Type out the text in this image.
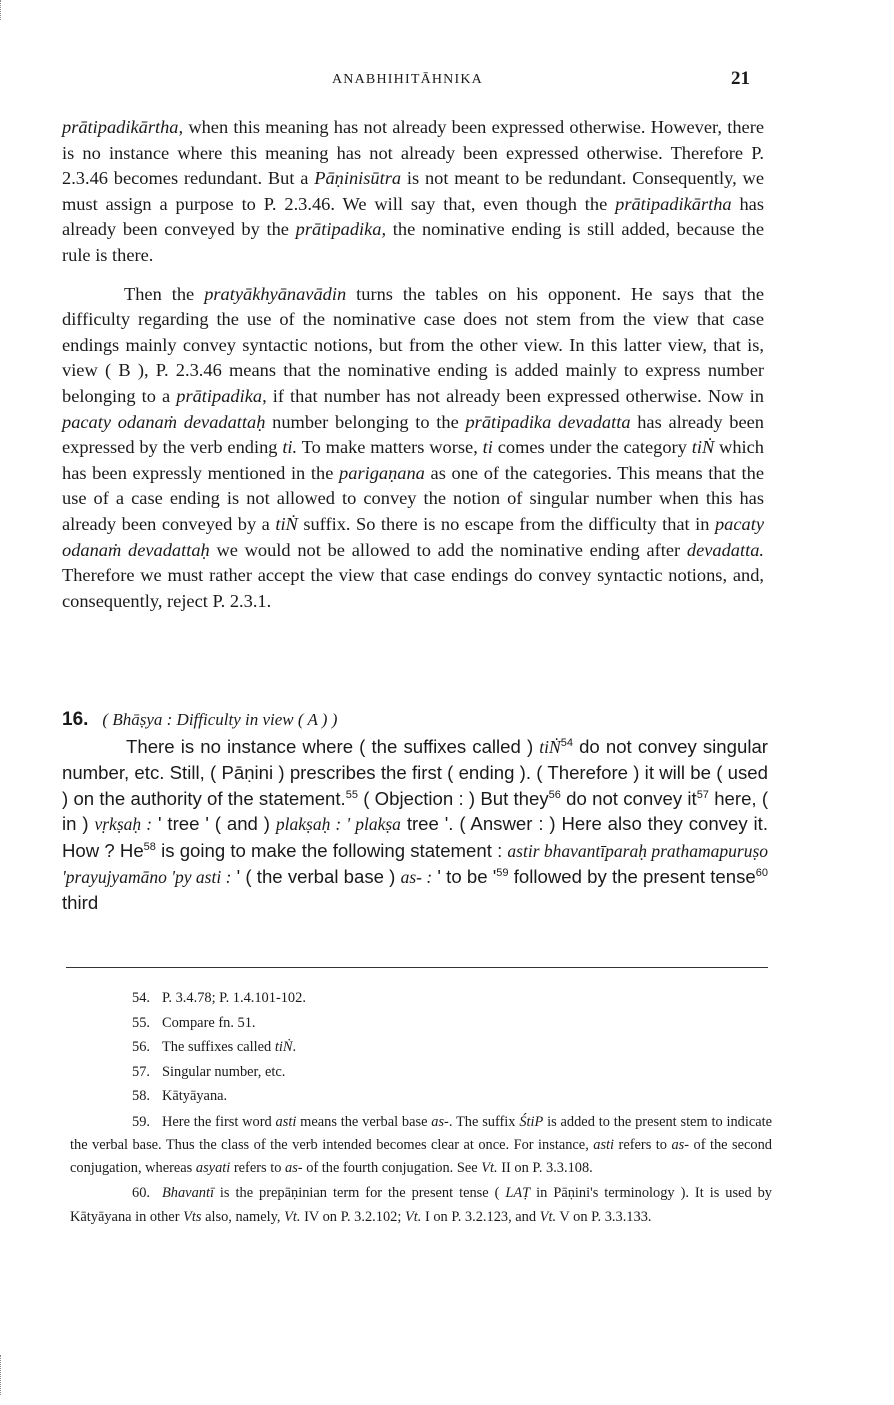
ANABHIHITĀHNIKA	21

prātipadikārtha, when this meaning has not already been expressed otherwise. However, there is no instance where this meaning has not already been expressed otherwise. Therefore P. 2.3.46 becomes redundant. But a Pāṇinisūtra is not meant to be redundant. Consequently, we must assign a purpose to P. 2.3.46. We will say that, even though the prātipadikārtha has already been conveyed by the prātipadika, the nominative ending is still added, because the rule is there.

Then the pratyākhyānavādin turns the tables on his opponent. He says that the difficulty regarding the use of the nominative case does not stem from the view that case endings mainly convey syntactic notions, but from the other view. In this latter view, that is, view ( B ), P. 2.3.46 means that the nominative ending is added mainly to express number belonging to a prātipadika, if that number has not already been expressed otherwise. Now in pacaty odanaṁ devadattaḥ number belonging to the prātipadika devadatta has already been expressed by the verb ending ti. To make matters worse, ti comes under the category tiṄ which has been expressly mentioned in the parigaṇana as one of the categories. This means that the use of a case ending is not allowed to convey the notion of singular number when this has already been conveyed by a tiṄ suffix. So there is no escape from the difficulty that in pacaty odanaṁ devadattaḥ we would not be allowed to add the nominative ending after devadatta. Therefore we must rather accept the view that case endings do convey syntactic notions, and, consequently, reject P. 2.3.1.

16. ( Bhāṣya : Difficulty in view ( A ) )

There is no instance where ( the suffixes called ) tiṄ$^{54}$ do not convey singular number, etc. Still, ( Pāṇini ) prescribes the first ( ending ). ( Therefore ) it will be ( used ) on the authority of the statement.$^{55}$ ( Objection : ) But they$^{56}$ do not convey $it^{57}$ here, ( in ) vṛkṣaḥ : ' tree ' ( and ) plakṣaḥ : ' plakṣa tree '. ( Answer : ) Here also they convey it. How ? He$^{58}$ is going to make the following statement : astir bhavantīparaḥ prathamapuruṣo 'prayujyamāno 'py asti : ' ( the verbal base ) as- : ' to be '$^{59}$ followed by the present tense$^{60}$ third

54. P. 3.4.78; P. 1.4.101-102.

55. Compare fn. 51.

56. The suffixes called tiṄ.

57. Singular number, etc.

58. Kātyāyana.

59. Here the first word asti means the verbal base as-. The suffix ŚtiP is added to the present stem to indicate the verbal base. Thus the class of the verb intended becomes clear at once. For instance, asti refers to as- of the second conjugation, whereas asyati refers to as- of the fourth conjugation. See Vt. II on P. 3.3.108.

60. Bhavantī is the prepāṇinian term for the present tense ( LAṬ in Pāṇini's terminology ). It is used by Kātyāyana in other Vts also, namely, Vt. IV on P. 3.2.102; Vt. I on P. 3.2.123, and Vt. V on P. 3.3.133.
